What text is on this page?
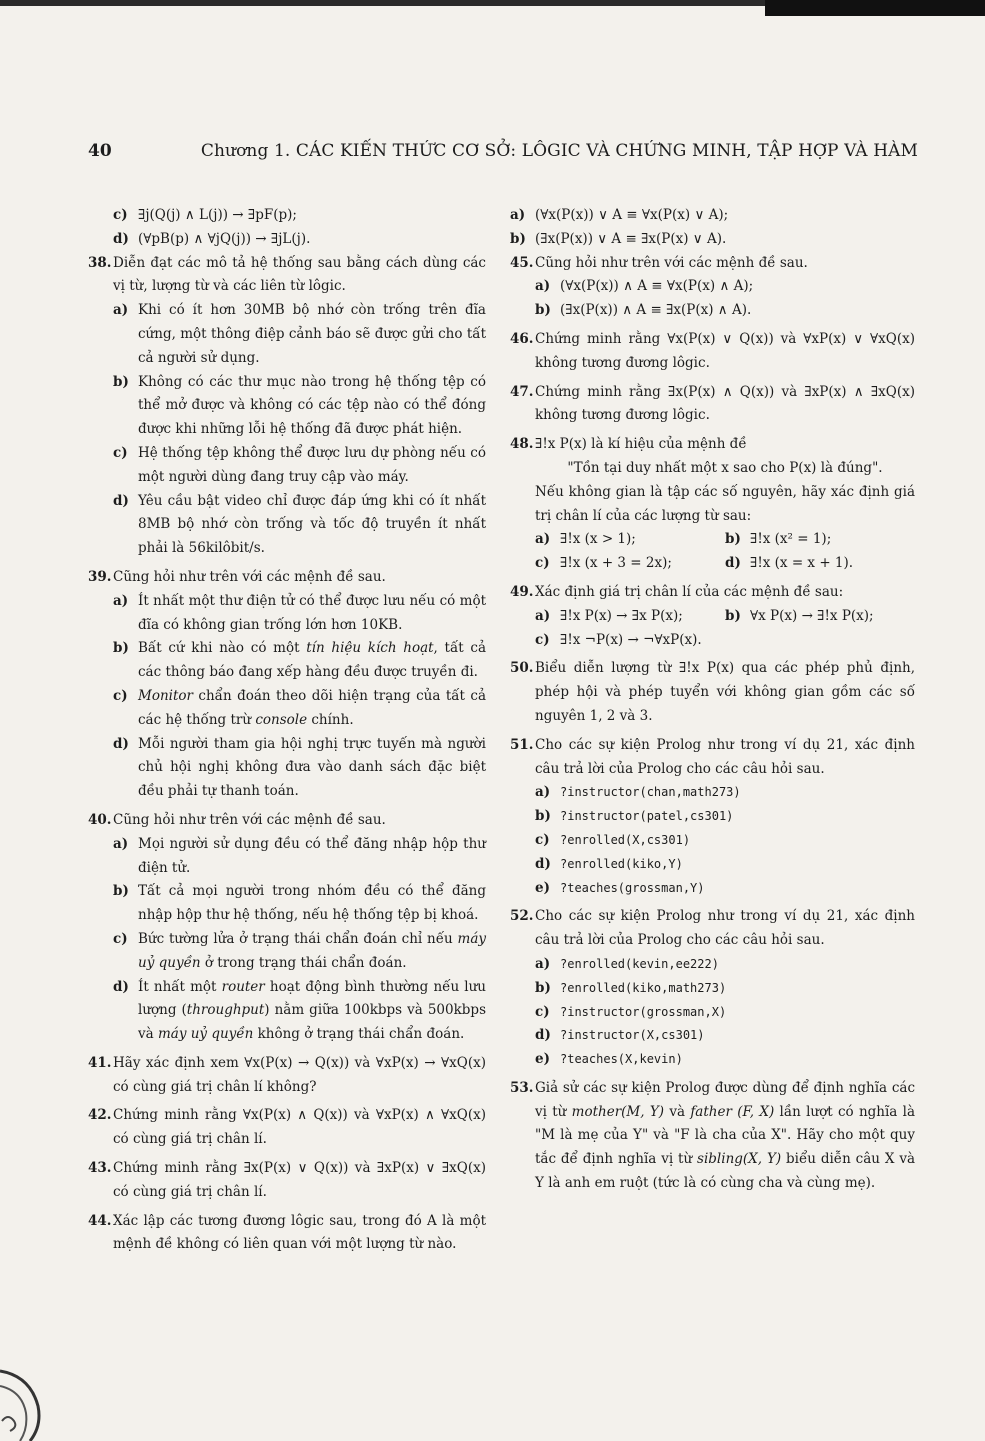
40	Chương 1. CÁC KIẾN THỨC CƠ SỞ: LÔGIC VÀ CHỨNG MINH, TẬP HỢP VÀ HÀM
c) ∃j(Q(j) ∧ L(j)) → ∃pF(p);
d) (∀pB(p) ∧ ∀jQ(j)) → ∃jL(j).
38. Diễn đạt các mô tả hệ thống sau bằng cách dùng các vị từ, lượng từ và các liên từ lôgic.
a) Khi có ít hơn 30MB bộ nhớ còn trống trên đĩa cứng, một thông điệp cảnh báo sẽ được gửi cho tất cả người sử dụng.
b) Không có các thư mục nào trong hệ thống tệp có thể mở được và không có các tệp nào có thể đóng được khi những lỗi hệ thống đã được phát hiện.
c) Hệ thống tệp không thể được lưu dự phòng nếu có một người dùng đang truy cập vào máy.
d) Yêu cầu bật video chỉ được đáp ứng khi có ít nhất 8MB bộ nhớ còn trống và tốc độ truyền ít nhất phải là 56kilôbit/s.
39. Cũng hỏi như trên với các mệnh đề sau.
a) Ít nhất một thư điện tử có thể được lưu nếu có một đĩa có không gian trống lớn hơn 10KB.
b) Bất cứ khi nào có một tín hiệu kích hoạt, tất cả các thông báo đang xếp hàng đều được truyền đi.
c) Monitor chẩn đoán theo dõi hiện trạng của tất cả các hệ thống trừ console chính.
d) Mỗi người tham gia hội nghị trực tuyến mà người chủ hội nghị không đưa vào danh sách đặc biệt đều phải tự thanh toán.
40. Cũng hỏi như trên với các mệnh đề sau.
a) Mọi người sử dụng đều có thể đăng nhập hộp thư điện tử.
b) Tất cả mọi người trong nhóm đều có thể đăng nhập hộp thư hệ thống, nếu hệ thống tệp bị khoá.
c) Bức tường lửa ở trạng thái chẩn đoán chỉ nếu máy uỷ quyền ở trong trạng thái chẩn đoán.
d) Ít nhất một router hoạt động bình thường nếu lưu lượng (throughput) nằm giữa 100kbps và 500kbps và máy uỷ quyền không ở trạng thái chẩn đoán.
41. Hãy xác định xem ∀x(P(x) → Q(x)) và ∀xP(x) → ∀xQ(x) có cùng giá trị chân lí không?
42. Chứng minh rằng ∀x(P(x) ∧ Q(x)) và ∀xP(x) ∧ ∀xQ(x) có cùng giá trị chân lí.
43. Chứng minh rằng ∃x(P(x) ∨ Q(x)) và ∃xP(x) ∨ ∃xQ(x) có cùng giá trị chân lí.
44. Xác lập các tương đương lôgic sau, trong đó A là một mệnh đề không có liên quan với một lượng từ nào.
a) (∀x(P(x)) ∨ A ≡ ∀x(P(x) ∨ A);
b) (∃x(P(x)) ∨ A ≡ ∃x(P(x) ∨ A).
45. Cũng hỏi như trên với các mệnh đề sau.
a) (∀x(P(x)) ∧ A ≡ ∀x(P(x) ∧ A);
b) (∃x(P(x)) ∧ A ≡ ∃x(P(x) ∧ A).
46. Chứng minh rằng ∀x(P(x) ∨ Q(x)) và ∀xP(x) ∨ ∀xQ(x) không tương đương lôgic.
47. Chứng minh rằng ∃x(P(x) ∧ Q(x)) và ∃xP(x) ∧ ∃xQ(x) không tương đương lôgic.
48. ∃!x P(x) là kí hiệu của mệnh đề
"Tồn tại duy nhất một x sao cho P(x) là đúng".
Nếu không gian là tập các số nguyên, hãy xác định giá trị chân lí của các lượng từ sau:
a) ∃!x (x > 1);	b) ∃!x (x² = 1);
c) ∃!x (x + 3 = 2x);	d) ∃!x (x = x + 1).
49. Xác định giá trị chân lí của các mệnh đề sau:
a) ∃!x P(x) → ∃x P(x);	b) ∀x P(x) → ∃!x P(x);
c) ∃!x ¬P(x) → ¬∀xP(x).
50. Biểu diễn lượng từ ∃!x P(x) qua các phép phủ định, phép hội và phép tuyển với không gian gồm các số nguyên 1, 2 và 3.
51. Cho các sự kiện Prolog như trong ví dụ 21, xác định câu trả lời của Prolog cho các câu hỏi sau.
a) ?instructor(chan,math273)
b) ?instructor(patel,cs301)
c) ?enrolled(X,cs301)
d) ?enrolled(kiko,Y)
e) ?teaches(grossman,Y)
52. Cho các sự kiện Prolog như trong ví dụ 21, xác định câu trả lời của Prolog cho các câu hỏi sau.
a) ?enrolled(kevin,ee222)
b) ?enrolled(kiko,math273)
c) ?instructor(grossman,X)
d) ?instructor(X,cs301)
e) ?teaches(X,kevin)
53. Giả sử các sự kiện Prolog được dùng để định nghĩa các vị từ mother(M, Y) và father (F, X) lần lượt có nghĩa là "M là mẹ của Y" và "F là cha của X". Hãy cho một quy tắc để định nghĩa vị từ sibling(X, Y) biểu diễn câu X và Y là anh em ruột (tức là có cùng cha và cùng mẹ).
